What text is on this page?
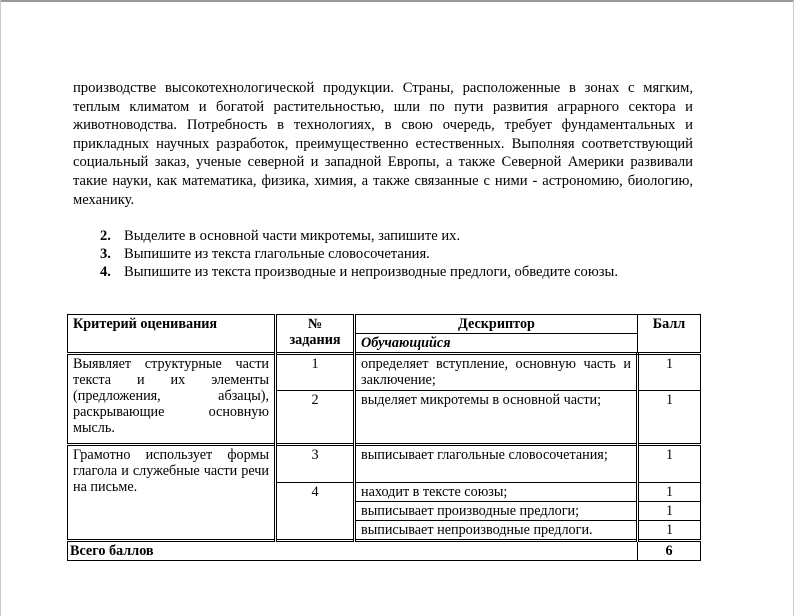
производстве высокотехнологической продукции. Страны, расположенные в зонах с мягким, теплым климатом и богатой растительностью, шли по пути развития аграрного сектора и животноводства. Потребность в технологиях, в свою очередь, требует фундаментальных и прикладных научных разработок, преимущественно естественных. Выполняя соответствующий социальный заказ, ученые северной и западной Европы, а также Северной Америки развивали такие науки, как математика, физика, химия, а также связанные с ними - астрономию, биологию, механику.

2. Выделите в основной части микротемы, запишите их.
3. Выпишите из текста глагольные словосочетания.
4. Выпишите из текста производные и непроизводные предлоги, обведите союзы.
Критерий оценивания	№ задания	Дескриптор	Балл
		Обучающийся	
Выявляет структурные части текста и их элементы (предложения, абзацы), раскрывающие основную мысль.	1	определяет вступление, основную часть и заключение;	1
	2	выделяет микротемы в основной части;	1
Грамотно использует формы глагола и служебные части речи на письме.	3	выписывает глагольные словосочетания;	1
	4	находит в тексте союзы;	1
		выписывает производные предлоги;	1
		выписывает непроизводные предлоги.	1
Всего баллов			6
